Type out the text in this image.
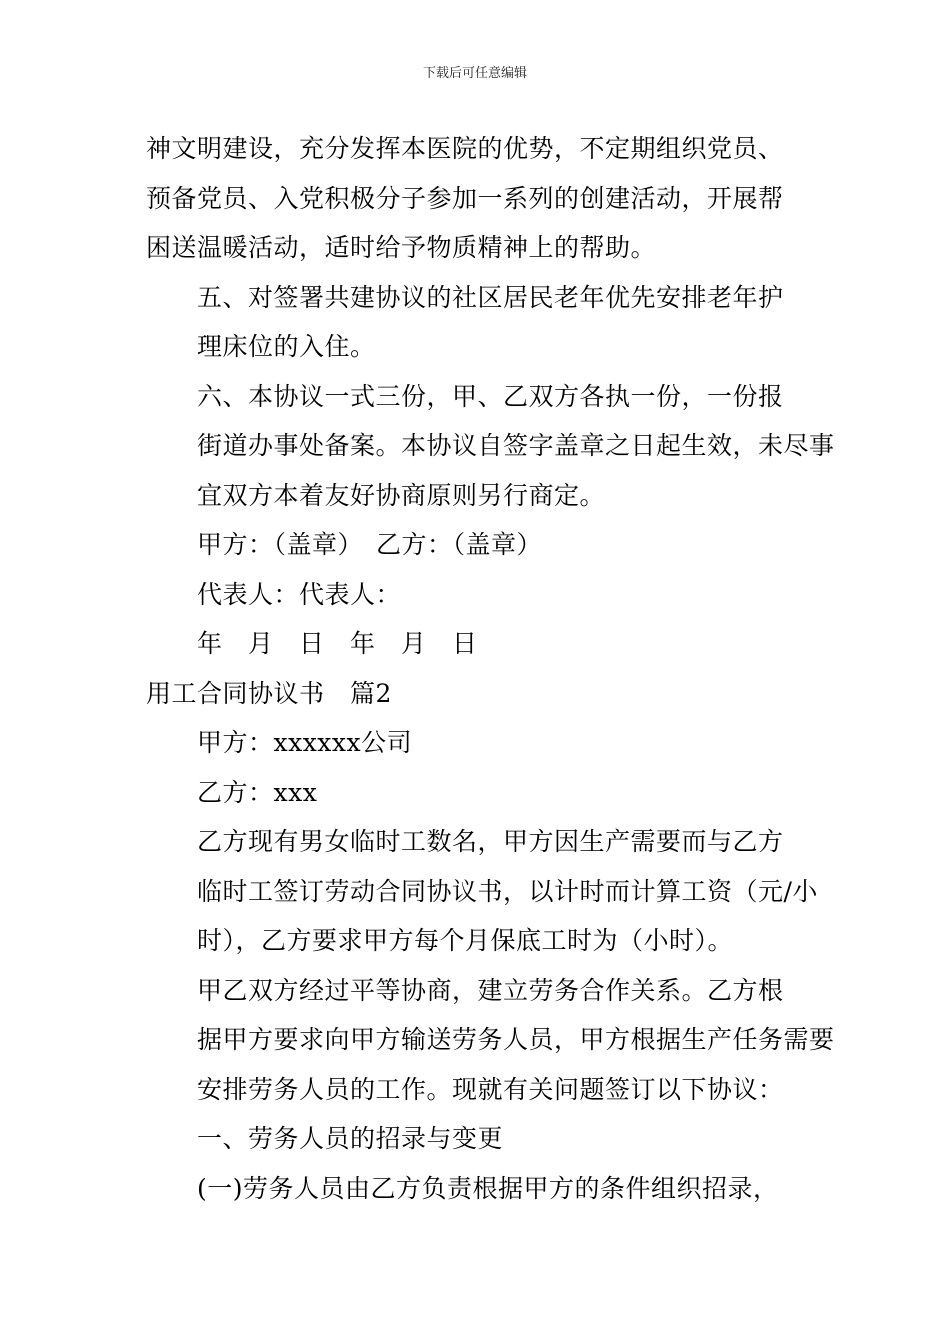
下载后可任意编辑

神文明建设，充分发挥本医院的优势，不定期组织党员、
预备党员、入党积极分子参加一系列的创建活动，开展帮
困送温暖活动，适时给予物质精神上的帮助。

五、对签署共建协议的社区居民老年优先安排老年护
理床位的入住。

六、本协议一式三份，甲、乙双方各执一份，一份报
街道办事处备案。本协议自签字盖章之日起生效，未尽事
宜双方本着友好协商原则另行商定。

甲方：（盖章）　乙方：（盖章）

代表人：代表人：

年　月　日　年　月　日

用工合同协议书　篇2

甲方：xxxxxx公司

乙方：xxx

乙方现有男女临时工数名，甲方因生产需要而与乙方
临时工签订劳动合同协议书，以计时而计算工资（元/小
时），乙方要求甲方每个月保底工时为（小时）。

甲乙双方经过平等协商，建立劳务合作关系。乙方根
据甲方要求向甲方输送劳务人员，甲方根据生产任务需要
安排劳务人员的工作。现就有关问题签订以下协议：

一、劳务人员的招录与变更

(一)劳务人员由乙方负责根据甲方的条件组织招录，
